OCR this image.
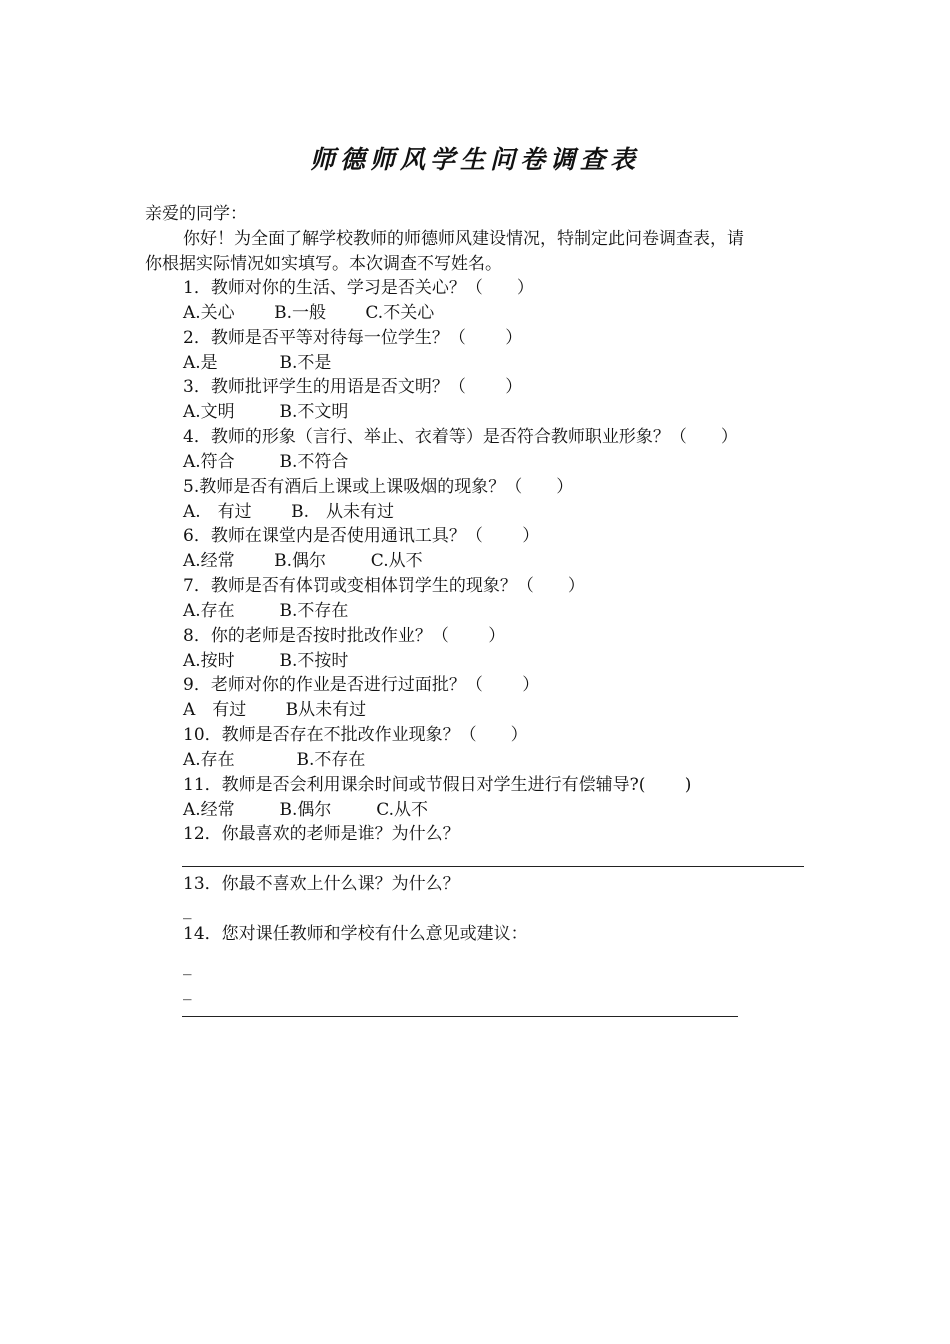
师德师风学生问卷调查表
亲爱的同学：
你好！为全面了解学校教师的师德师风建设情况，特制定此问卷调查表，请
你根据实际情况如实填写。本次调查不写姓名。
1．教师对你的生活、学习是否关心？（　　）
A.关心　 　B.一般　 　C.不关心
2．教师是否平等对待每一位学生？（　　 ）
A.是　 　 　B.不是
3．教师批评学生的用语是否文明？（　　 ）
A.文明　 　 B.不文明
4．教师的形象（言行、举止、衣着等）是否符合教师职业形象？（　　）
A.符合　 　 B.不符合
5.教师是否有酒后上课或上课吸烟的现象？（　　）
A.　有过　 　B.　从未有过
6．教师在课堂内是否使用通讯工具？（　　 ）
A.经常　 　B.偶尔　 　 C.从不
7．教师是否有体罚或变相体罚学生的现象？（　　）
A.存在　 　 B.不存在
8．你的老师是否按时批改作业？（　　 ）
A.按时　 　 B.不按时
9．老师对你的作业是否进行过面批？（　　 ）
A　有过　 　B从未有过
10．教师是否存在不批改作业现象？（　　）
A.存在　 　 　B.不存在
11．教师是否会利用课余时间或节假日对学生进行有偿辅导?(　　 )
A.经常　 　 B.偶尔　 　 C.从不
12．你最喜欢的老师是谁？为什么？
13．你最不喜欢上什么课？为什么？
_
14．您对课任教师和学校有什么意见或建议：
_
_
